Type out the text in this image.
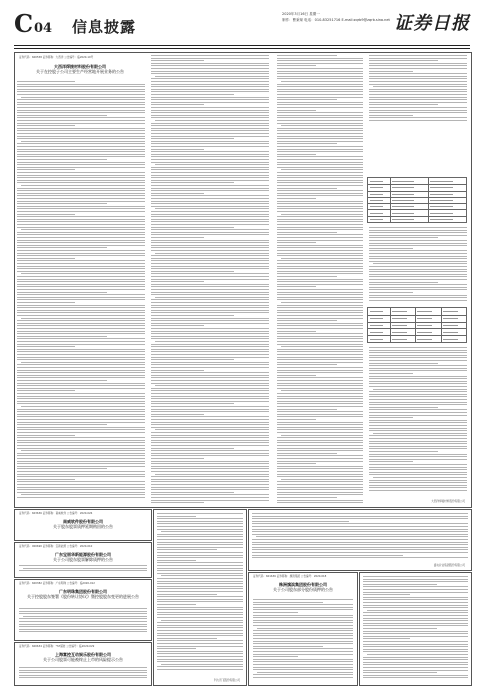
C 04 信息披露
2020年3月16日 星期一
制作：曹秉琛 电话：010-83251716 E-mail:zqrb9@zqrb.sina.net 证券日报
证券代码：600558 证券简称：大西洋 公告编号：临2020-10号
大西洋焊接材料股份有限公司
关于在控股子公司主要生产经营地开展业务的公告
大西洋焊接材料股份有限公司
证券代码：603636 证券简称：南威软件 公告编号：2020-026
南威软件股份有限公司
关于股东股票质押延期购回的公告
证券代码：000690 证券简称：宝新能源 公告编号：2020-010
广东宝丽华新能源股份有限公司
关于公司股东股票解除质押的公告
证券代码：600382 证券简称：广东明珠 公告编号：临2020-012
广东明珠集团股份有限公司
关于控股股东签署《股份转让协议》暨控股股东变更的进展公告
证券代码：600634 证券简称：*ST富控 公告编号：临2020-029
上海富控互动娱乐股份有限公司
关于公司股票可能被终止上市的风险提示公告
科大讯飞股份有限公司
盛屯矿业集团股份有限公司
证券代码：601636 证券简称：旗滨集团 公告编号：2020-018
株洲旗滨集团股份有限公司
关于公司股东部分股份质押的公告
